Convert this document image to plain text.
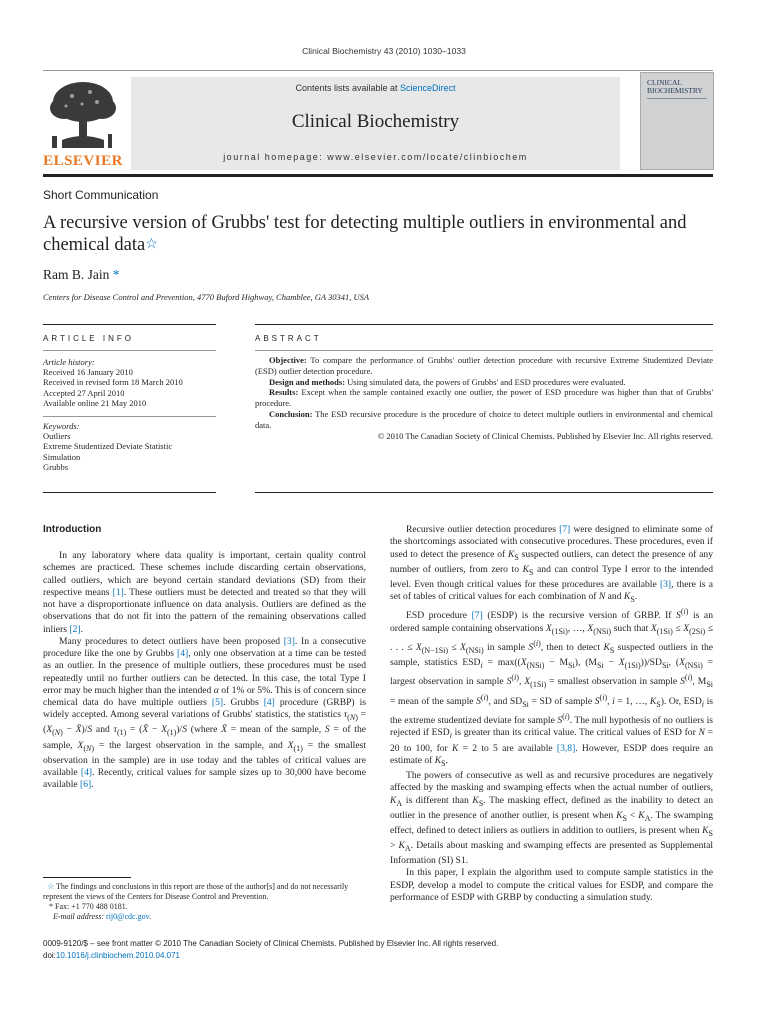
Clinical Biochemistry 43 (2010) 1030–1033
ELSEVIER
Contents lists available at ScienceDirect
Clinical Biochemistry
journal homepage: www.elsevier.com/locate/clinbiochem
CLINICAL
BIOCHEMISTRY
Short Communication
A recursive version of Grubbs' test for detecting multiple outliers in environmental and chemical data☆
Ram B. Jain *
Centers for Disease Control and Prevention, 4770 Buford Highway, Chamblee, GA 30341, USA
ARTICLE INFO
Article history:
Received 16 January 2010
Received in revised form 18 March 2010
Accepted 27 April 2010
Available online 21 May 2010
Keywords:
Outliers
Extreme Studentized Deviate Statistic
Simulation
Grubbs
ABSTRACT

Objective: To compare the performance of Grubbs' outlier detection procedure with recursive Extreme Studentized Deviate (ESD) outlier detection procedure.

Design and methods: Using simulated data, the powers of Grubbs' and ESD procedures were evaluated.

Results: Except when the sample contained exactly one outlier, the power of ESD procedure was higher than that of Grubbs' procedure.

Conclusion: The ESD recursive procedure is the procedure of choice to detect multiple outliers in environmental and chemical data.

© 2010 The Canadian Society of Clinical Chemists. Published by Elsevier Inc. All rights reserved.

Introduction

In any laboratory where data quality is important, certain quality control schemes are practiced. These schemes include discarding certain observations, called outliers, which are beyond certain standard deviations (SD) from their respective means [1]. These outliers must be detected and treated so that they will not have a disproportionate influence on data analysis. Outliers are defined as the observations that do not fit into the pattern of the remaining observations called inliers [2].

Many procedures to detect outliers have been proposed [3]. In a consecutive procedure like the one by Grubbs [4], only one observation at a time can be tested as an outlier. In the presence of multiple outliers, these procedures must be used repeatedly until no further outliers can be detected. In this case, the total Type I error may be much higher than the intended α of 1% or 5%. This is of concern since chemical data do have multiple outliers [5]. Grubbs [4] procedure (GRBP) is widely accepted. Among several variations of Grubbs' statistics, the statistics $\tau_{(N)} = (X_{(N)}$ − X̄)/S and $\tau_{(1)}$ = (X̄ − $X_{(1)})/S$ (where X̄ = mean of the sample, S = of the sample, $X_{(N)}$ = the largest observation in the sample, and $X_{(1)}$ = the smallest observation in the sample) are in use today and the tables of critical values are available [4]. Recently, critical values for sample sizes up to 30,000 have become available [6].

Recursive outlier detection procedures [7] were designed to eliminate some of the shortcomings associated with consecutive procedures. These procedures, even if used to detect the presence of $K_S$ suspected outliers, can detect the presence of any number of outliers, from zero to $K_S$ and can control Type I error to the intended level. Even though critical values for these procedures are available [3], there is a set of tables of critical values for each combination of N and $K_S$.

ESD procedure [7] (ESDP) is the recursive version of GRBP. If $S^{(i)}$ is an ordered sample containing observations $X_{(1Si)}$, …, $X_{(NSi)}$ such that $X_{(1Si)} \le X_{(2Si)}$ ≤ . . . ≤ $X_{(N-1Si)} \le X_{(NSi)}$ in sample $S^{(i)}$, then to detect $K_S$ suspected outliers in the sample, statistics $ESD_i = \max((X_{(NSi)} - M_{Si})$, $(M_{Si} - X_{(1Si)}))/SD_{Si}$, ($X_{(NSi)}$ = largest observation in sample $S^{(i)}$, $X_{(1Si)}$ = smallest observation in sample $S^{(i)}$, $M_{Si}$ = mean of the sample $S^{(i)}$, and $SD_{Si}$ = SD of sample $S^{(i)}$, i = 1, …, $K_S$). Or, $ESD_i$ is the extreme studentized deviate for sample $S^{(i)}$. The null hypothesis of no outliers is rejected if $ESD_i$ is greater than its critical value. The critical values of ESD for N = 20 to 100, for K = 2 to 5 are available [3,8]. However, ESDP does require an estimate of $K_S$.

The powers of consecutive as well as and recursive procedures are negatively affected by the masking and swamping effects when the actual number of outliers, $K_A$ is different than $K_S$. The masking effect, defined as the inability to detect an outlier in the presence of another outlier, is present when $K_S < K_A$. The swamping effect, defined to detect inliers as outliers in addition to outliers, is present when $K_S > K_A$. Details about masking and swamping effects are presented as Supplemental Information (SI) S1.

In this paper, I explain the algorithm used to compute sample statistics in the ESDP, develop a model to compute the critical values for ESDP, and compare the performance of ESDP with GRBP by conducting a simulation study.

☆ The findings and conclusions in this report are those of the author[s] and do not necessarily represent the views of the Centers for Disease Control and Prevention.
* Fax: +1 770 488 0181.
E-mail address: rij0@cdc.gov.
0009-9120/$ – see front matter © 2010 The Canadian Society of Clinical Chemists. Published by Elsevier Inc. All rights reserved.
doi:10.1016/j.clinbiochem.2010.04.071
